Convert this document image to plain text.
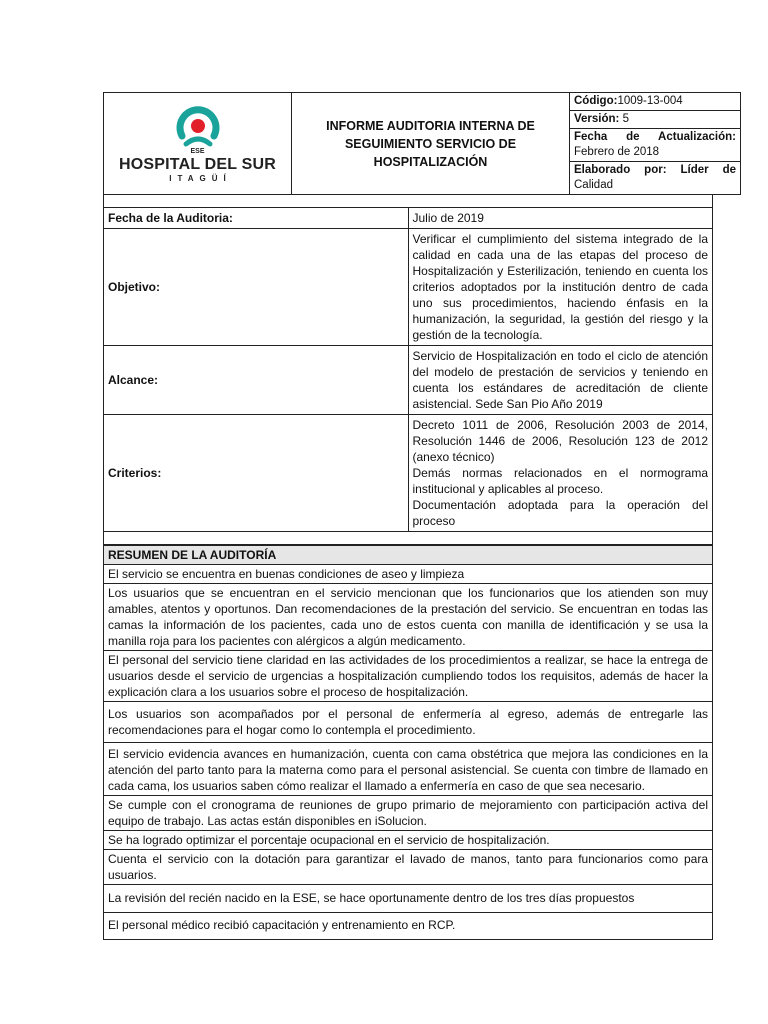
ESE
HOSPITAL DEL SUR
ITAGÜÍ
	INFORME AUDITORIA INTERNA DE SEGUIMIENTO SERVICIO DE HOSPITALIZACIÓN	
Código:1009-13-004
Versión: 5
Fecha de Actualización:
Febrero de 2018
Elaborado por: Líder de
Calidad

Fecha de la Auditoria:	Julio de 2019
Objetivo:	Verificar el cumplimiento del sistema integrado de la calidad en cada una de las etapas del proceso de Hospitalización y Esterilización, teniendo en cuenta los criterios adoptados por la institución dentro de cada uno sus procedimientos, haciendo énfasis en la humanización, la seguridad, la gestión del riesgo y la gestión de la tecnología.
Alcance:	Servicio de Hospitalización en todo el ciclo de atención del modelo de prestación de servicios y teniendo en cuenta los estándares de acreditación de cliente asistencial. Sede San Pio Año 2019
Criterios:	Decreto 1011 de 2006, Resolución 2003 de 2014, Resolución 1446 de 2006, Resolución 123 de 2012 (anexo técnico)
Demás normas relacionados en el normograma institucional y aplicables al proceso.
Documentación adoptada para la operación del proceso

RESUMEN DE LA AUDITORÍA
El servicio se encuentra en buenas condiciones de aseo y limpieza
Los usuarios que se encuentran en el servicio mencionan que los funcionarios que los atienden son muy amables, atentos y oportunos. Dan recomendaciones de la prestación del servicio. Se encuentran en todas las camas la información de los pacientes, cada uno de estos cuenta con manilla de identificación y se usa la manilla roja para los pacientes con alérgicos a algún medicamento.
El personal del servicio tiene claridad en las actividades de los procedimientos a realizar, se hace la entrega de usuarios desde el servicio de urgencias a hospitalización cumpliendo todos los requisitos, además de hacer la explicación clara a los usuarios sobre el proceso de hospitalización.
Los usuarios son acompañados por el personal de enfermería al egreso, además de entregarle las recomendaciones para el hogar como lo contempla el procedimiento.
El servicio evidencia avances en humanización, cuenta con cama obstétrica que mejora las condiciones en la atención del parto tanto para la materna como para el personal asistencial. Se cuenta con timbre de llamado en cada cama, los usuarios saben cómo realizar el llamado a enfermería en caso de que sea necesario.
Se cumple con el cronograma de reuniones de grupo primario de mejoramiento con participación activa del equipo de trabajo. Las actas están disponibles en iSolucion.
Se ha logrado optimizar el porcentaje ocupacional en el servicio de hospitalización.
Cuenta el servicio con la dotación para garantizar el lavado de manos, tanto para funcionarios como para usuarios.
La revisión del recién nacido en la ESE, se hace oportunamente dentro de los tres días propuestos
El personal médico recibió capacitación y entrenamiento en RCP.
